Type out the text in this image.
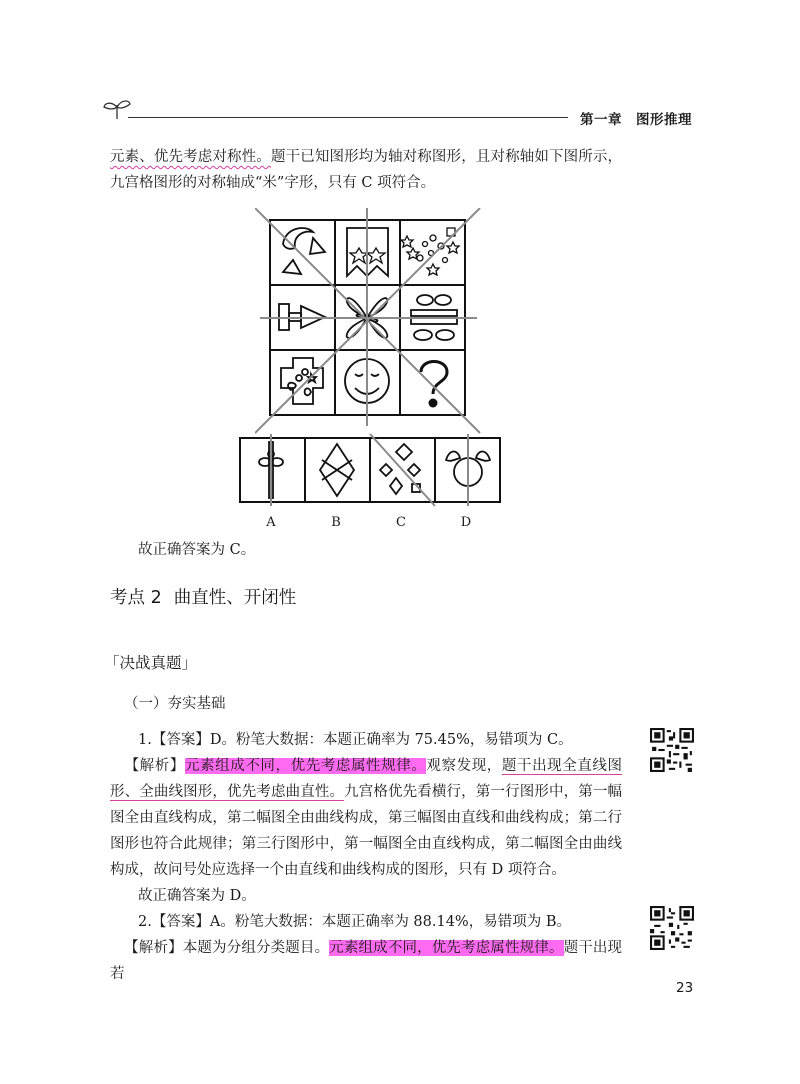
第一章 图形推理
元素、优先考虑对称性。题干已知图形均为轴对称图形，且对称轴如下图所示，九宫格图形的对称轴成“米”字形，只有 C 项符合。
A	B	C	D
故正确答案为 C。
考点 2 曲直性、开闭性
「决战真题」
（一）夯实基础
1.【答案】D。粉笔大数据：本题正确率为 75.45%，易错项为 C。
【解析】元素组成不同，优先考虑属性规律。观察发现，题干出现全直线图形、全曲线图形，优先考虑曲直性。九宫格优先看横行，第一行图形中，第一幅图全由直线构成，第二幅图全由曲线构成，第三幅图由直线和曲线构成；第二行图形也符合此规律；第三行图形中，第一幅图全由直线构成，第二幅图全由曲线构成，故问号处应选择一个由直线和曲线构成的图形，只有 D 项符合。
故正确答案为 D。
2.【答案】A。粉笔大数据：本题正确率为 88.14%，易错项为 B。
【解析】本题为分组分类题目。元素组成不同，优先考虑属性规律。题干出现若
23
